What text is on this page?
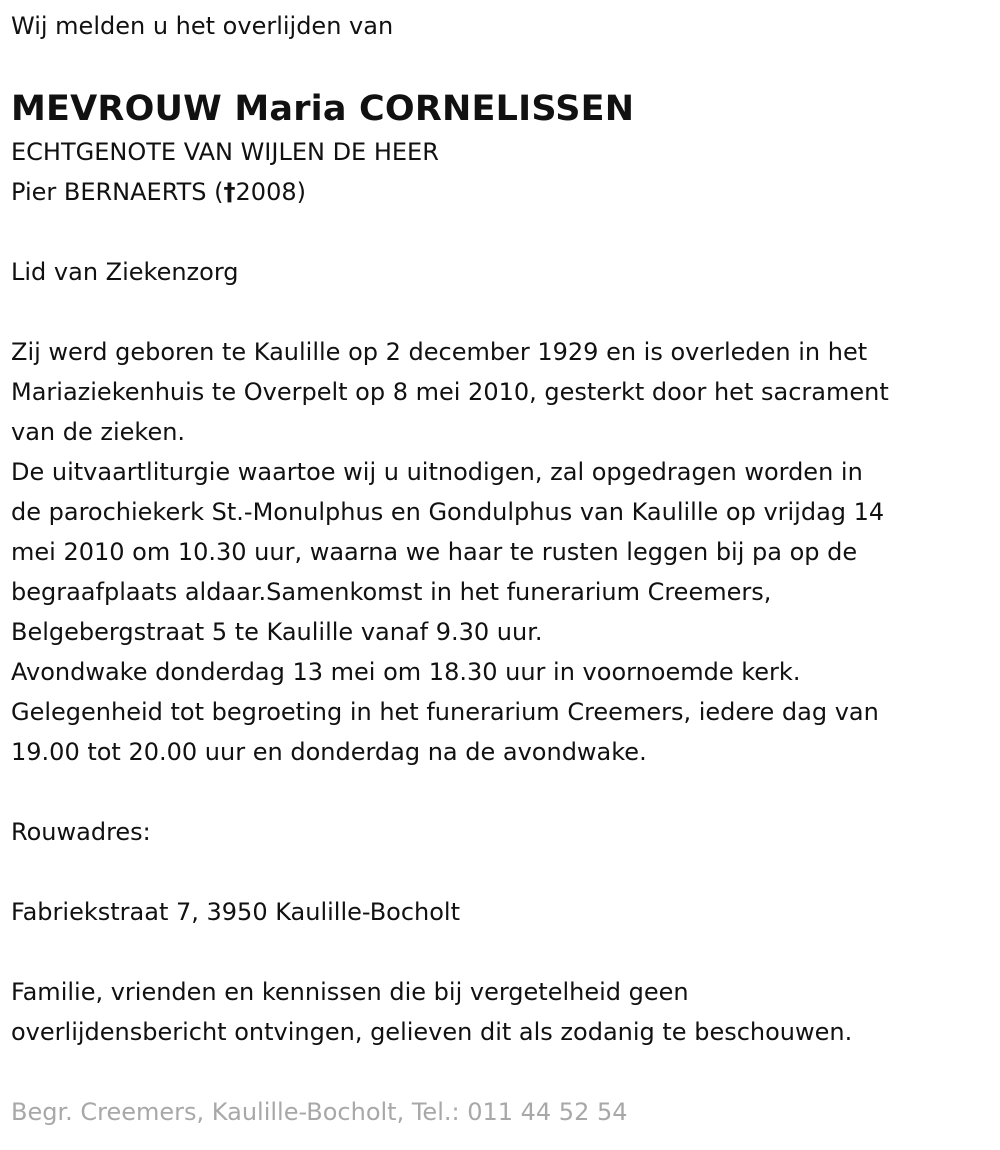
Wij melden u het overlijden van

MEVROUW Maria CORNELISSEN

ECHTGENOTE VAN WIJLEN DE HEER

Pier BERNAERTS (†2008)

Lid van Ziekenzorg

Zij werd geboren te Kaulille op 2 december 1929 en is overleden in het

Mariaziekenhuis te Overpelt op 8 mei 2010, gesterkt door het sacrament

van de zieken.

De uitvaartliturgie waartoe wij u uitnodigen, zal opgedragen worden in

de parochiekerk St.-Monulphus en Gondulphus van Kaulille op vrijdag 14

mei 2010 om 10.30 uur, waarna we haar te rusten leggen bij pa op de

begraafplaats aldaar.Samenkomst in het funerarium Creemers,

Belgebergstraat 5 te Kaulille vanaf 9.30 uur.

Avondwake donderdag 13 mei om 18.30 uur in voornoemde kerk.

Gelegenheid tot begroeting in het funerarium Creemers, iedere dag van

19.00 tot 20.00 uur en donderdag na de avondwake.

Rouwadres:

Fabriekstraat 7, 3950 Kaulille-Bocholt

Familie, vrienden en kennissen die bij vergetelheid geen

overlijdensbericht ontvingen, gelieven dit als zodanig te beschouwen.

Begr. Creemers, Kaulille-Bocholt, Tel.: 011 44 52 54
